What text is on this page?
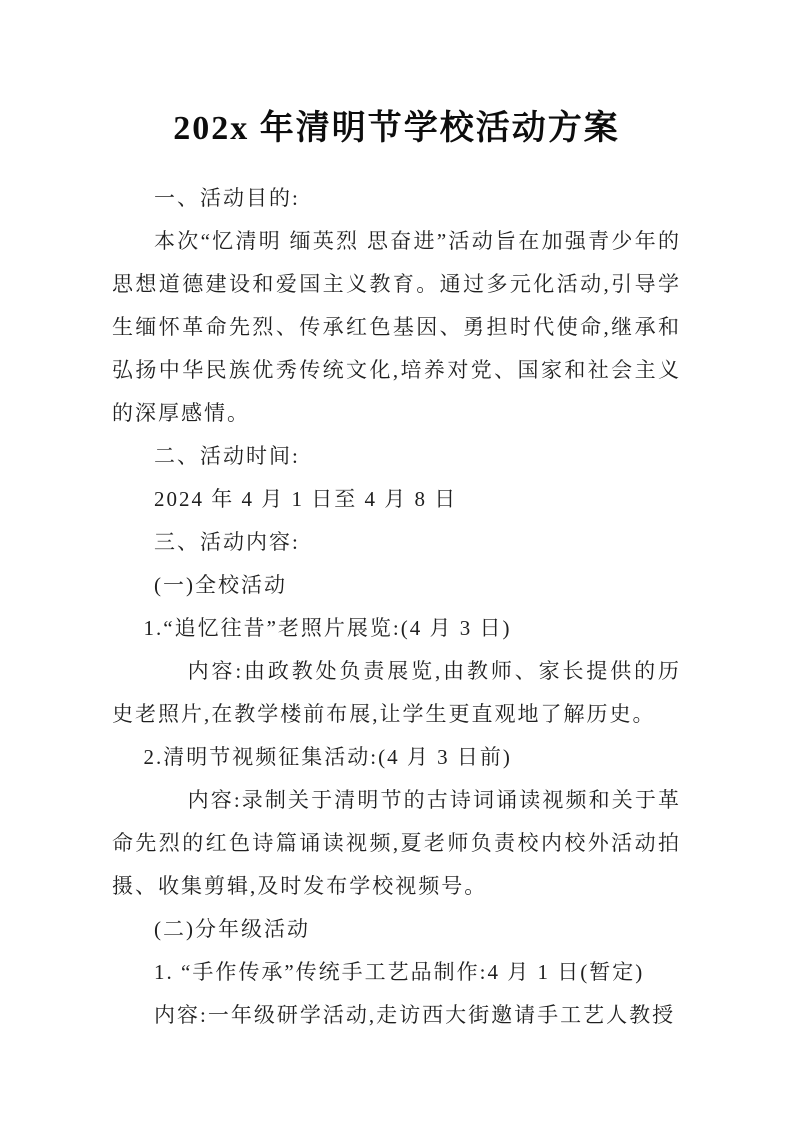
202x 年清明节学校活动方案

一、活动目的:

本次“忆清明 缅英烈 思奋进”活动旨在加强青少年的思想道德建设和爱国主义教育。通过多元化活动,引导学生缅怀革命先烈、传承红色基因、勇担时代使命,继承和弘扬中华民族优秀传统文化,培养对党、国家和社会主义的深厚感情。

二、活动时间:

2024 年 4 月 1 日至 4 月 8 日

三、活动内容:

(一)全校活动

1.“追忆往昔”老照片展览:(4 月 3 日)

内容:由政教处负责展览,由教师、家长提供的历史老照片,在教学楼前布展,让学生更直观地了解历史。

2.清明节视频征集活动:(4 月 3 日前)

内容:录制关于清明节的古诗词诵读视频和关于革命先烈的红色诗篇诵读视频,夏老师负责校内校外活动拍摄、收集剪辑,及时发布学校视频号。

(二)分年级活动

1. “手作传承”传统手工艺品制作:4 月 1 日(暂定)

内容:一年级研学活动,走访西大街邀请手工艺人教授
